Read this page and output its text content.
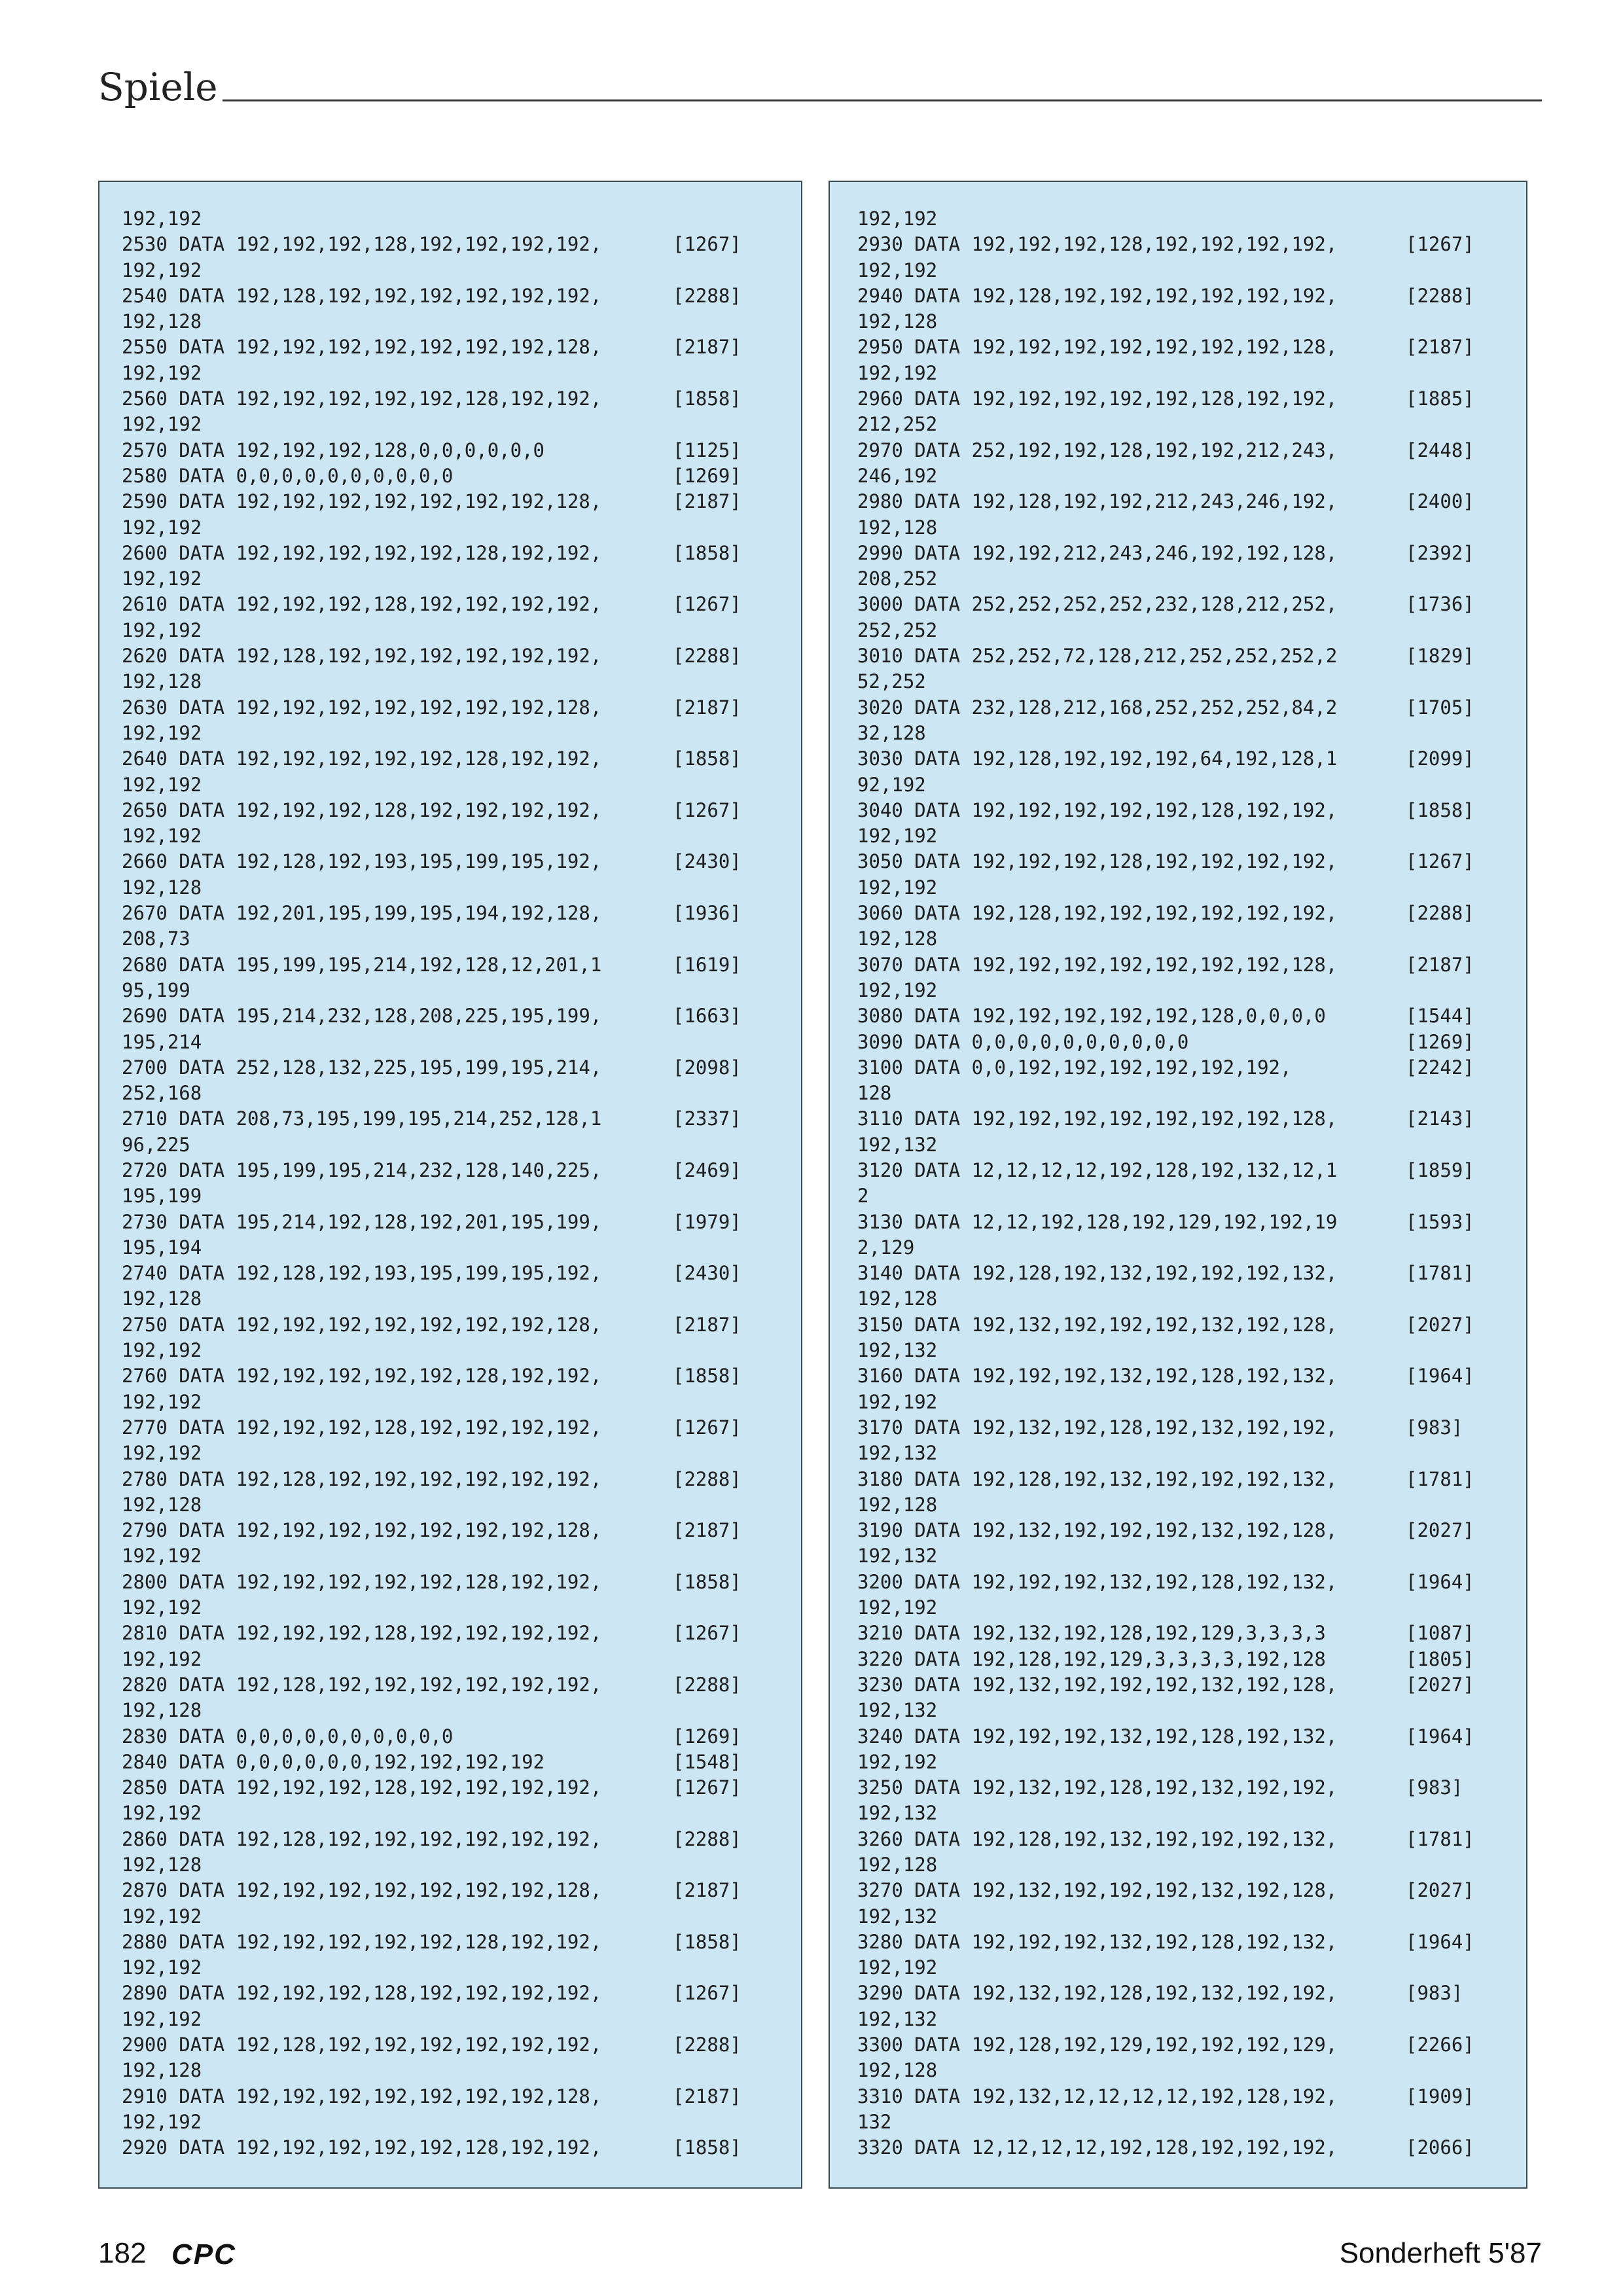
Spiele
192,192
2530 DATA 192,192,192,128,192,192,192,192,	[1267]
192,192
2540 DATA 192,128,192,192,192,192,192,192,	[2288]
192,128
2550 DATA 192,192,192,192,192,192,192,128,	[2187]
192,192
2560 DATA 192,192,192,192,192,128,192,192,	[1858]
192,192
2570 DATA 192,192,192,128,0,0,0,0,0,0	[1125]
2580 DATA 0,0,0,0,0,0,0,0,0,0	[1269]
2590 DATA 192,192,192,192,192,192,192,128,	[2187]
192,192
2600 DATA 192,192,192,192,192,128,192,192,	[1858]
192,192
2610 DATA 192,192,192,128,192,192,192,192,	[1267]
192,192
2620 DATA 192,128,192,192,192,192,192,192,	[2288]
192,128
2630 DATA 192,192,192,192,192,192,192,128,	[2187]
192,192
2640 DATA 192,192,192,192,192,128,192,192,	[1858]
192,192
2650 DATA 192,192,192,128,192,192,192,192,	[1267]
192,192
2660 DATA 192,128,192,193,195,199,195,192,	[2430]
192,128
2670 DATA 192,201,195,199,195,194,192,128,	[1936]
208,73
2680 DATA 195,199,195,214,192,128,12,201,1	[1619]
95,199
2690 DATA 195,214,232,128,208,225,195,199,	[1663]
195,214
2700 DATA 252,128,132,225,195,199,195,214,	[2098]
252,168
2710 DATA 208,73,195,199,195,214,252,128,1	[2337]
96,225
2720 DATA 195,199,195,214,232,128,140,225,	[2469]
195,199
2730 DATA 195,214,192,128,192,201,195,199,	[1979]
195,194
2740 DATA 192,128,192,193,195,199,195,192,	[2430]
192,128
2750 DATA 192,192,192,192,192,192,192,128,	[2187]
192,192
2760 DATA 192,192,192,192,192,128,192,192,	[1858]
192,192
2770 DATA 192,192,192,128,192,192,192,192,	[1267]
192,192
2780 DATA 192,128,192,192,192,192,192,192,	[2288]
192,128
2790 DATA 192,192,192,192,192,192,192,128,	[2187]
192,192
2800 DATA 192,192,192,192,192,128,192,192,	[1858]
192,192
2810 DATA 192,192,192,128,192,192,192,192,	[1267]
192,192
2820 DATA 192,128,192,192,192,192,192,192,	[2288]
192,128
2830 DATA 0,0,0,0,0,0,0,0,0,0	[1269]
2840 DATA 0,0,0,0,0,0,192,192,192,192	[1548]
2850 DATA 192,192,192,128,192,192,192,192,	[1267]
192,192
2860 DATA 192,128,192,192,192,192,192,192,	[2288]
192,128
2870 DATA 192,192,192,192,192,192,192,128,	[2187]
192,192
2880 DATA 192,192,192,192,192,128,192,192,	[1858]
192,192
2890 DATA 192,192,192,128,192,192,192,192,	[1267]
192,192
2900 DATA 192,128,192,192,192,192,192,192,	[2288]
192,128
2910 DATA 192,192,192,192,192,192,192,128,	[2187]
192,192
2920 DATA 192,192,192,192,192,128,192,192,	[1858]
192,192
2930 DATA 192,192,192,128,192,192,192,192,	[1267]
192,192
2940 DATA 192,128,192,192,192,192,192,192,	[2288]
192,128
2950 DATA 192,192,192,192,192,192,192,128,	[2187]
192,192
2960 DATA 192,192,192,192,192,128,192,192,	[1885]
212,252
2970 DATA 252,192,192,128,192,192,212,243,	[2448]
246,192
2980 DATA 192,128,192,192,212,243,246,192,	[2400]
192,128
2990 DATA 192,192,212,243,246,192,192,128,	[2392]
208,252
3000 DATA 252,252,252,252,232,128,212,252,	[1736]
252,252
3010 DATA 252,252,72,128,212,252,252,252,2	[1829]
52,252
3020 DATA 232,128,212,168,252,252,252,84,2	[1705]
32,128
3030 DATA 192,128,192,192,192,64,192,128,1	[2099]
92,192
3040 DATA 192,192,192,192,192,128,192,192,	[1858]
192,192
3050 DATA 192,192,192,128,192,192,192,192,	[1267]
192,192
3060 DATA 192,128,192,192,192,192,192,192,	[2288]
192,128
3070 DATA 192,192,192,192,192,192,192,128,	[2187]
192,192
3080 DATA 192,192,192,192,192,128,0,0,0,0	[1544]
3090 DATA 0,0,0,0,0,0,0,0,0,0	[1269]
3100 DATA 0,0,192,192,192,192,192,192,	[2242]
128
3110 DATA 192,192,192,192,192,192,192,128,	[2143]
192,132
3120 DATA 12,12,12,12,192,128,192,132,12,1	[1859]
2
3130 DATA 12,12,192,128,192,129,192,192,19	[1593]
2,129
3140 DATA 192,128,192,132,192,192,192,132,	[1781]
192,128
3150 DATA 192,132,192,192,192,132,192,128,	[2027]
192,132
3160 DATA 192,192,192,132,192,128,192,132,	[1964]
192,192
3170 DATA 192,132,192,128,192,132,192,192,	[983]
192,132
3180 DATA 192,128,192,132,192,192,192,132,	[1781]
192,128
3190 DATA 192,132,192,192,192,132,192,128,	[2027]
192,132
3200 DATA 192,192,192,132,192,128,192,132,	[1964]
192,192
3210 DATA 192,132,192,128,192,129,3,3,3,3	[1087]
3220 DATA 192,128,192,129,3,3,3,3,192,128	[1805]
3230 DATA 192,132,192,192,192,132,192,128,	[2027]
192,132
3240 DATA 192,192,192,132,192,128,192,132,	[1964]
192,192
3250 DATA 192,132,192,128,192,132,192,192,	[983]
192,132
3260 DATA 192,128,192,132,192,192,192,132,	[1781]
192,128
3270 DATA 192,132,192,192,192,132,192,128,	[2027]
192,132
3280 DATA 192,192,192,132,192,128,192,132,	[1964]
192,192
3290 DATA 192,132,192,128,192,132,192,192,	[983]
192,132
3300 DATA 192,128,192,129,192,192,192,129,	[2266]
192,128
3310 DATA 192,132,12,12,12,12,192,128,192,	[1909]
132
3320 DATA 12,12,12,12,192,128,192,192,192,	[2066]
182 CPC	Sonderheft 5'87
